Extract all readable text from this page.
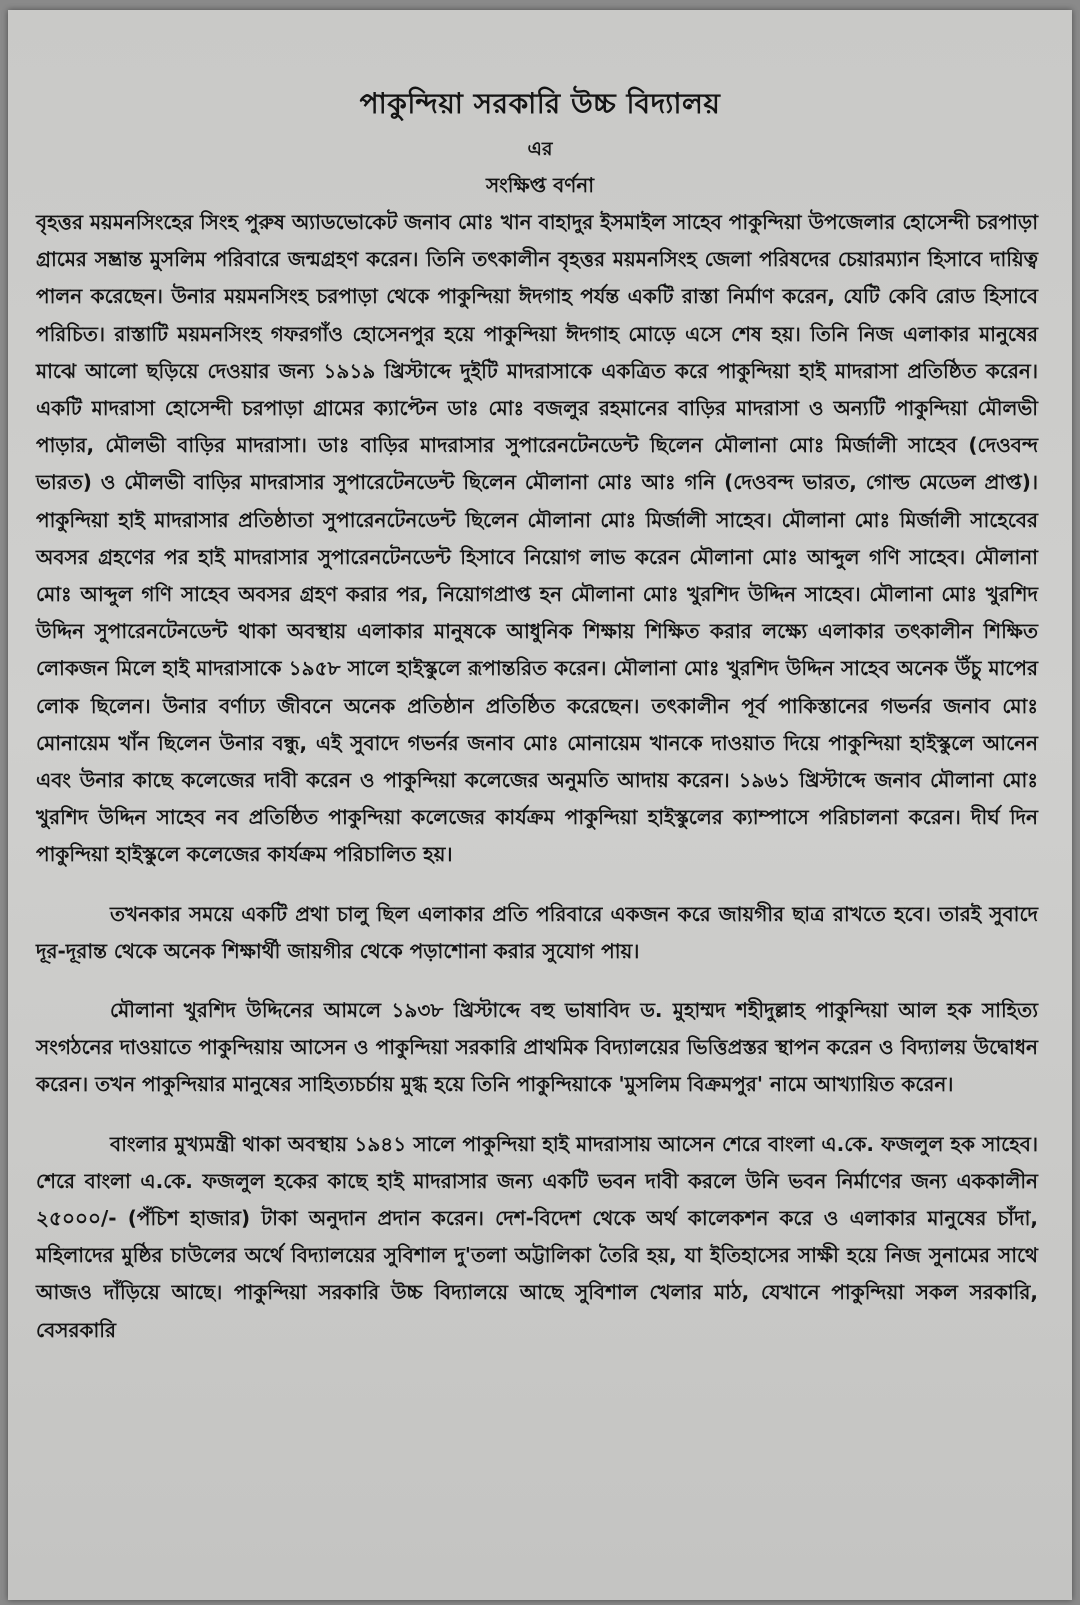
পাকুন্দিয়া সরকারি উচ্চ বিদ্যালয়
এর
সংক্ষিপ্ত বর্ণনা

বৃহত্তর ময়মনসিংহের সিংহ পুরুষ অ্যাডভোকেট জনাব মোঃ খান বাহাদুর ইসমাইল সাহেব পাকুন্দিয়া উপজেলার হোসেন্দী চরপাড়া গ্রামের সম্ভ্রান্ত মুসলিম পরিবারে জন্মগ্রহণ করেন। তিনি তৎকালীন বৃহত্তর ময়মনসিংহ জেলা পরিষদের চেয়ারম্যান হিসাবে দায়িত্ব পালন করেছেন। উনার ময়মনসিংহ চরপাড়া থেকে পাকুন্দিয়া ঈদগাহ পর্যন্ত একটি রাস্তা নির্মাণ করেন, যেটি কেবি রোড হিসাবে পরিচিত। রাস্তাটি ময়মনসিংহ গফরগাঁও হোসেনপুর হয়ে পাকুন্দিয়া ঈদগাহ মোড়ে এসে শেষ হয়। তিনি নিজ এলাকার মানুষের মাঝে আলো ছড়িয়ে দেওয়ার জন্য ১৯১৯ খ্রিস্টাব্দে দুইটি মাদরাসাকে একত্রিত করে পাকুন্দিয়া হাই মাদরাসা প্রতিষ্ঠিত করেন। একটি মাদরাসা হোসেন্দী চরপাড়া গ্রামের ক্যাপ্টেন ডাঃ মোঃ বজলুর রহমানের বাড়ির মাদরাসা ও অন্যটি পাকুন্দিয়া মৌলভী পাড়ার, মৌলভী বাড়ির মাদরাসা। ডাঃ বাড়ির মাদরাসার সুপারেনটেনডেন্ট ছিলেন মৌলানা মোঃ মির্জালী সাহেব (দেওবন্দ ভারত) ও মৌলভী বাড়ির মাদরাসার সুপারেটেনডেন্ট ছিলেন মৌলানা মোঃ আঃ গনি (দেওবন্দ ভারত, গোল্ড মেডেল প্রাপ্ত)। পাকুন্দিয়া হাই মাদরাসার প্রতিষ্ঠাতা সুপারেনটেনডেন্ট ছিলেন মৌলানা মোঃ মির্জালী সাহেব। মৌলানা মোঃ মির্জালী সাহেবের অবসর গ্রহণের পর হাই মাদরাসার সুপারেনটেনডেন্ট হিসাবে নিয়োগ লাভ করেন মৌলানা মোঃ আব্দুল গণি সাহেব। মৌলানা মোঃ আব্দুল গণি সাহেব অবসর গ্রহণ করার পর, নিয়োগপ্রাপ্ত হন মৌলানা মোঃ খুরশিদ উদ্দিন সাহেব। মৌলানা মোঃ খুরশিদ উদ্দিন সুপারেনটেনডেন্ট থাকা অবস্থায় এলাকার মানুষকে আধুনিক শিক্ষায় শিক্ষিত করার লক্ষ্যে এলাকার তৎকালীন শিক্ষিত লোকজন মিলে হাই মাদরাসাকে ১৯৫৮ সালে হাইস্কুলে রূপান্তরিত করেন। মৌলানা মোঃ খুরশিদ উদ্দিন সাহেব অনেক উঁচু মাপের লোক ছিলেন। উনার বর্ণাঢ্য জীবনে অনেক প্রতিষ্ঠান প্রতিষ্ঠিত করেছেন। তৎকালীন পূর্ব পাকিস্তানের গভর্নর জনাব মোঃ মোনায়েম খাঁন ছিলেন উনার বন্ধু, এই সুবাদে গভর্নর জনাব মোঃ মোনায়েম খানকে দাওয়াত দিয়ে পাকুন্দিয়া হাইস্কুলে আনেন এবং উনার কাছে কলেজের দাবী করেন ও পাকুন্দিয়া কলেজের অনুমতি আদায় করেন। ১৯৬১ খ্রিস্টাব্দে জনাব মৌলানা মোঃ খুরশিদ উদ্দিন সাহেব নব প্রতিষ্ঠিত পাকুন্দিয়া কলেজের কার্যক্রম পাকুন্দিয়া হাইস্কুলের ক্যাম্পাসে পরিচালনা করেন। দীর্ঘ দিন পাকুন্দিয়া হাইস্কুলে কলেজের কার্যক্রম পরিচালিত হয়।

তখনকার সময়ে একটি প্রথা চালু ছিল এলাকার প্রতি পরিবারে একজন করে জায়গীর ছাত্র রাখতে হবে। তারই সুবাদে দূর-দূরান্ত থেকে অনেক শিক্ষার্থী জায়গীর থেকে পড়াশোনা করার সুযোগ পায়।

মৌলানা খুরশিদ উদ্দিনের আমলে ১৯৩৮ খ্রিস্টাব্দে বহু ভাষাবিদ ড. মুহাম্মদ শহীদুল্লাহ পাকুন্দিয়া আল হক সাহিত্য সংগঠনের দাওয়াতে পাকুন্দিয়ায় আসেন ও পাকুন্দিয়া সরকারি প্রাথমিক বিদ্যালয়ের ভিত্তিপ্রস্তর স্থাপন করেন ও বিদ্যালয় উদ্বোধন করেন। তখন পাকুন্দিয়ার মানুষের সাহিত্যচর্চায় মুগ্ধ হয়ে তিনি পাকুন্দিয়াকে 'মুসলিম বিক্রমপুর' নামে আখ্যায়িত করেন।

বাংলার মুখ্যমন্ত্রী থাকা অবস্থায় ১৯৪১ সালে পাকুন্দিয়া হাই মাদরাসায় আসেন শেরে বাংলা এ.কে. ফজলুল হক সাহেব। শেরে বাংলা এ.কে. ফজলুল হকের কাছে হাই মাদরাসার জন্য একটি ভবন দাবী করলে উনি ভবন নির্মাণের জন্য এককালীন ২৫০০০/- (পঁচিশ হাজার) টাকা অনুদান প্রদান করেন। দেশ-বিদেশ থেকে অর্থ কালেকশন করে ও এলাকার মানুষের চাঁদা, মহিলাদের মুষ্ঠির চাউলের অর্থে বিদ্যালয়ের সুবিশাল দু'তলা অট্টালিকা তৈরি হয়, যা ইতিহাসের সাক্ষী হয়ে নিজ সুনামের সাথে আজও দাঁড়িয়ে আছে। পাকুন্দিয়া সরকারি উচ্চ বিদ্যালয়ে আছে সুবিশাল খেলার মাঠ, যেখানে পাকুন্দিয়া সকল সরকারি, বেসরকারি
